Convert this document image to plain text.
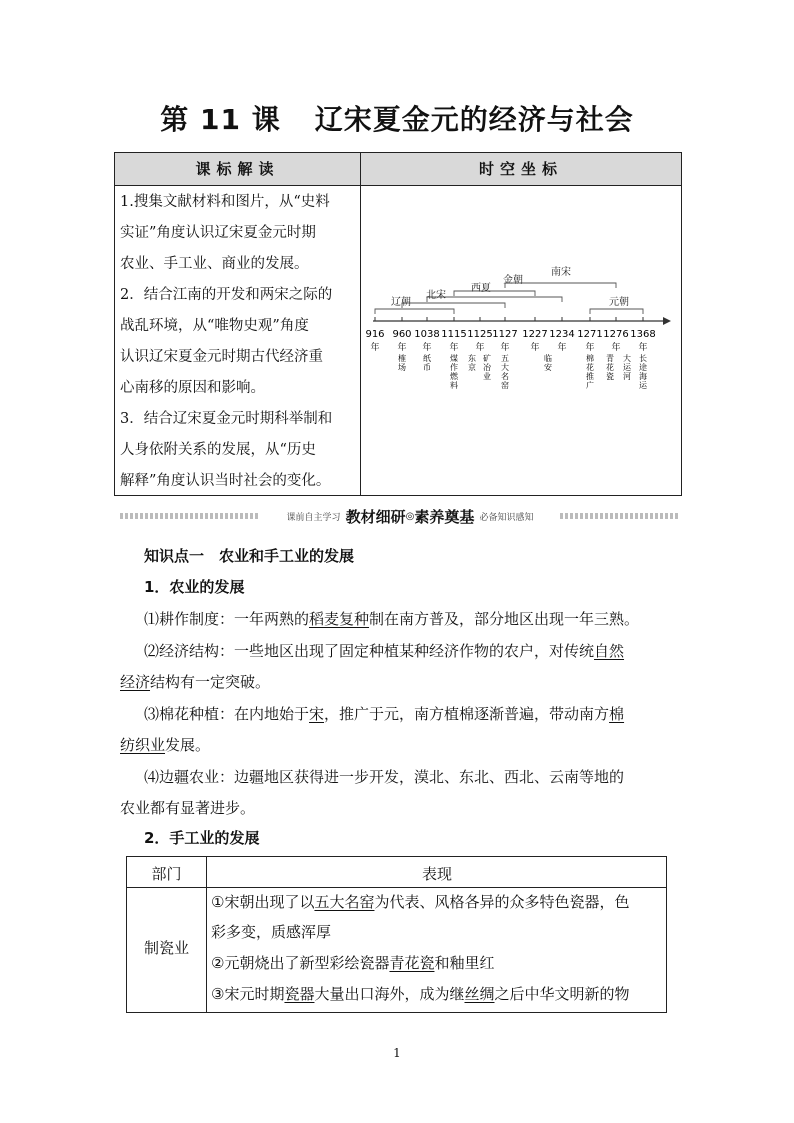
第 11 课 辽宋夏金元的经济与社会
课标解读	时空坐标

1.搜集文献材料和图片，从“史料

实证”角度认识辽宋夏金元时期

农业、手工业、商业的发展。

2．结合江南的开发和两宋之际的

战乱环境，从“唯物史观”角度

认识辽宋夏金元时期古代经济重

心南移的原因和影响。

3．结合辽宋夏金元时期科举制和

人身依附关系的发展，从“历史

解释”角度认识当时社会的变化。

辽朝
北宋
西夏
金朝
南宋
元朝
916
年
960
年
1038
年
1115
年
1125
年
1127
年
1227
年
1234
年
1271
年
1276
年
1368
年
榷场
纸币
煤作燃料
东京
矿冶业
五大名窑
临安
棉花推广
青花瓷
大运河
长途海运
课前自主学习 教材细研◎素养奠基 必备知识感知
知识点一　农业和手工业的发展
1．农业的发展
⑴耕作制度：一年两熟的稻麦复种制在南方普及，部分地区出现一年三熟。
⑵经济结构：一些地区出现了固定种植某种经济作物的农户，对传统自然
经济结构有一定突破。
⑶棉花种植：在内地始于宋，推广于元，南方植棉逐渐普遍，带动南方棉
纺织业发展。
⑷边疆农业：边疆地区获得进一步开发，漠北、东北、西北、云南等地的
农业都有显著进步。
2．手工业的发展
部门	表现
制瓷业
①宋朝出现了以五大名窑为代表、风格各异的众多特色瓷器，色
彩多变，质感浑厚
②元朝烧出了新型彩绘瓷器青花瓷和釉里红
③宋元时期瓷器大量出口海外，成为继丝绸之后中华文明新的物
1
